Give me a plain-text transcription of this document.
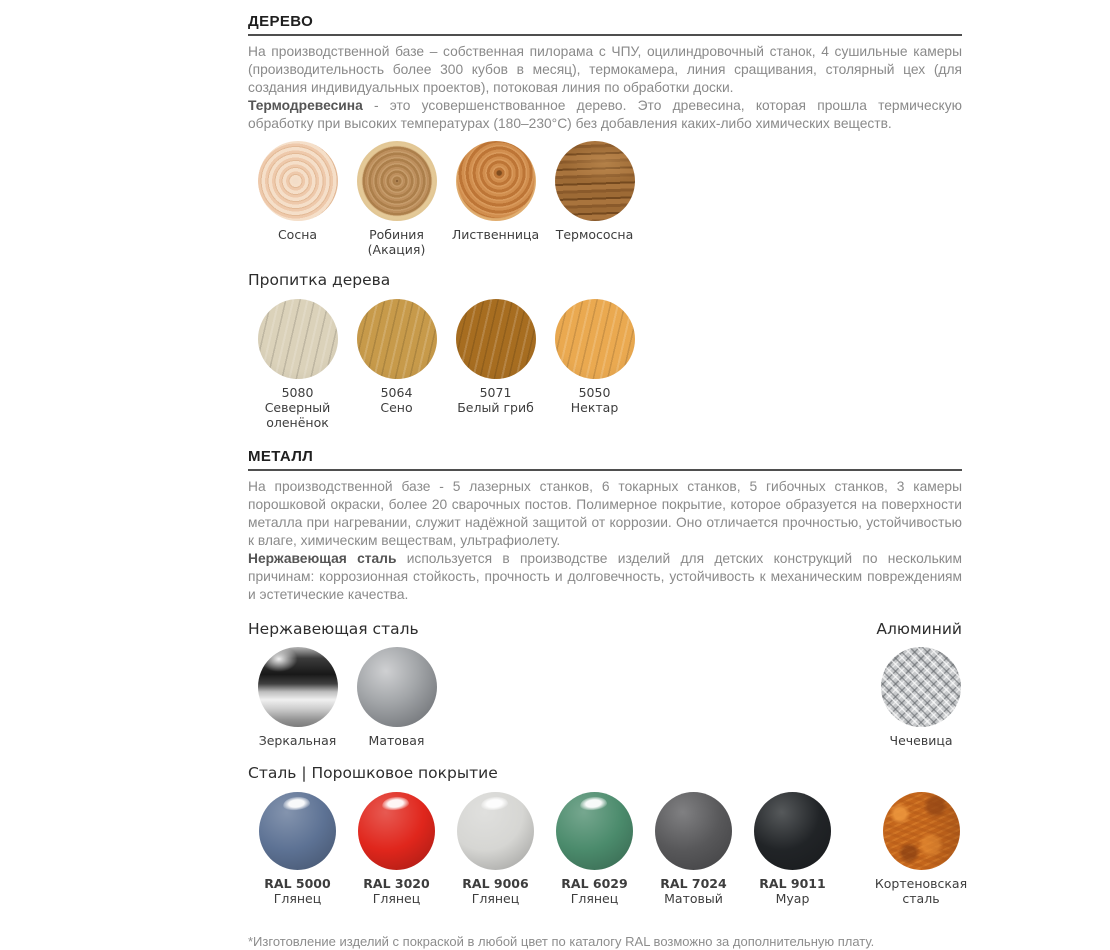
ДЕРЕВО

На производственной базе – собственная пилорама с ЧПУ, оцилиндровочный станок, 4 сушильные камеры (производительность более 300 кубов в месяц), термокамера, линия сращивания, столярный цех (для создания индивидуальных проектов), потоковая линия по обработки доски.

Термодревесина - это усовершенствованное дерево. Это древесина, которая прошла термическую обработку при высоких температурах (180–230°С) без добавления каких-либо химических веществ.

Сосна	Робиния (Акация)
Лиственница Термососна
Пропитка дерева
5080
Северный оленёнок
5064
Сено
5071
Белый гриб
5050
Нектар
МЕТАЛЛ

На производственной базе - 5 лазерных станков, 6 токарных станков, 5 гибочных станков, 3 камеры порошковой окраски, более 20 сварочных постов. Полимерное покрытие, которое образуется на поверхности металла при нагревании, служит надёжной защитой от коррозии. Оно отличается прочностью, устойчивостью к влаге, химическим веществам, ультрафиолету.

Нержавеющая сталь используется в производстве изделий для детских конструкций по нескольким причинам: коррозионная стойкость, прочность и долговечность, устойчивость к механическим повреждениям и эстетические качества.

Нержавеющая сталь	Алюминий
Зеркальная	Матовая	Чечевица
Сталь | Порошковое покрытие
RAL 5000
Глянец
RAL 3020
Глянец
RAL 9006
Глянец
RAL 6029
Глянец
RAL 7024
Матовый
RAL 9011
Муар
Кортеновская
сталь

*Изготовление изделий с покраской в любой цвет по каталогу RAL возможно за дополнительную плату.
